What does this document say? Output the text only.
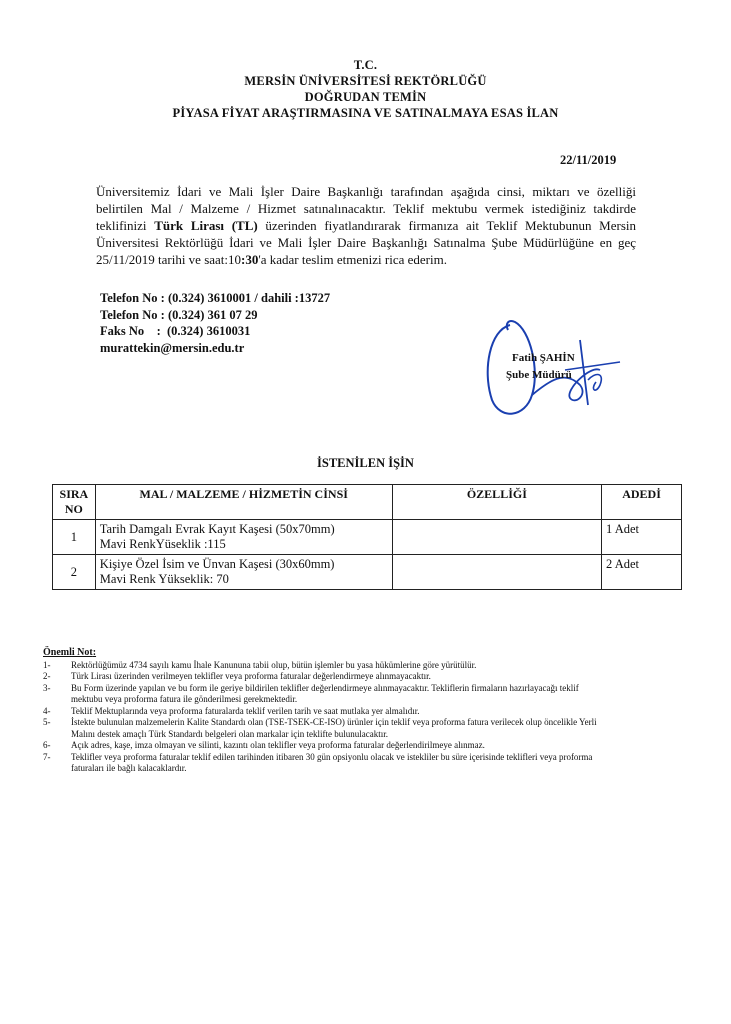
T.C.
MERSİN ÜNİVERSİTESİ REKTÖRLÜĞÜ
DOĞRUDAN TEMİN
PİYASA FİYAT ARAŞTIRMASINA VE SATINALMAYA ESAS İLAN
22/11/2019
Üniversitemiz İdari ve Mali İşler Daire Başkanlığı tarafından aşağıda cinsi, miktarı ve özelliği belirtilen Mal / Malzeme / Hizmet satınalınacaktır. Teklif mektubu vermek istediğiniz takdirde teklifinizi Türk Lirası (TL) üzerinden fiyatlandırarak firmanıza ait Teklif Mektubunun Mersin Üniversitesi Rektörlüğü İdari ve Mali İşler Daire Başkanlığı Satınalma Şube Müdürlüğüne en geç 25/11/2019 tarihi ve saat:10:30'a kadar teslim etmenizi rica ederim.
Telefon No : (0.324) 3610001 / dahili :13727
Telefon No : (0.324) 361 07 29
Faks No    :  (0.324) 3610031
murattekin@mersin.edu.tr
Fatih ŞAHİN
Şube Müdürü
İSTENİLEN İŞİN
SIRA NO	MAL / MALZEME / HİZMETİN CİNSİ	ÖZELLİĞİ	ADEDİ
1	Tarih Damgalı Evrak Kayıt Kaşesi (50x70mm)
Mavi RenkYüseklik :115		1 Adet
2	Kişiye Özel İsim ve Ünvan Kaşesi (30x60mm)
Mavi Renk Yükseklik: 70		2 Adet
Önemli Not:
1-	Rektörlüğümüz 4734 sayılı kamu İhale Kanununa tabii olup, bütün işlemler bu yasa hükümlerine göre yürütülür.
2-	Türk Lirası üzerinden verilmeyen teklifler veya proforma faturalar değerlendirmeye alınmayacaktır.
3-	Bu Form üzerinde yapılan ve bu form ile geriye bildirilen teklifler değerlendirmeye alınmayacaktır. Tekliflerin firmaların hazırlayacağı teklif mektubu veya proforma fatura ile gönderilmesi gerekmektedir.
4-	Teklif Mektuplarında veya proforma faturalarda teklif verilen tarih ve saat mutlaka yer almalıdır.
5-	İstekte bulunulan malzemelerin Kalite Standardı olan (TSE-TSEK-CE-ISO) ürünler için teklif veya proforma fatura verilecek olup öncelikle Yerli Malını destek amaçlı Türk Standardı belgeleri olan markalar için teklifte bulunulacaktır.
6-	Açık adres, kaşe, imza olmayan ve silinti, kazıntı olan teklifler veya proforma faturalar değerlendirilmeye alınmaz.
7-	Teklifler veya proforma faturalar teklif edilen tarihinden itibaren 30 gün opsiyonlu olacak ve istekliler bu süre içerisinde teklifleri veya proforma faturaları ile bağlı kalacaklardır.
